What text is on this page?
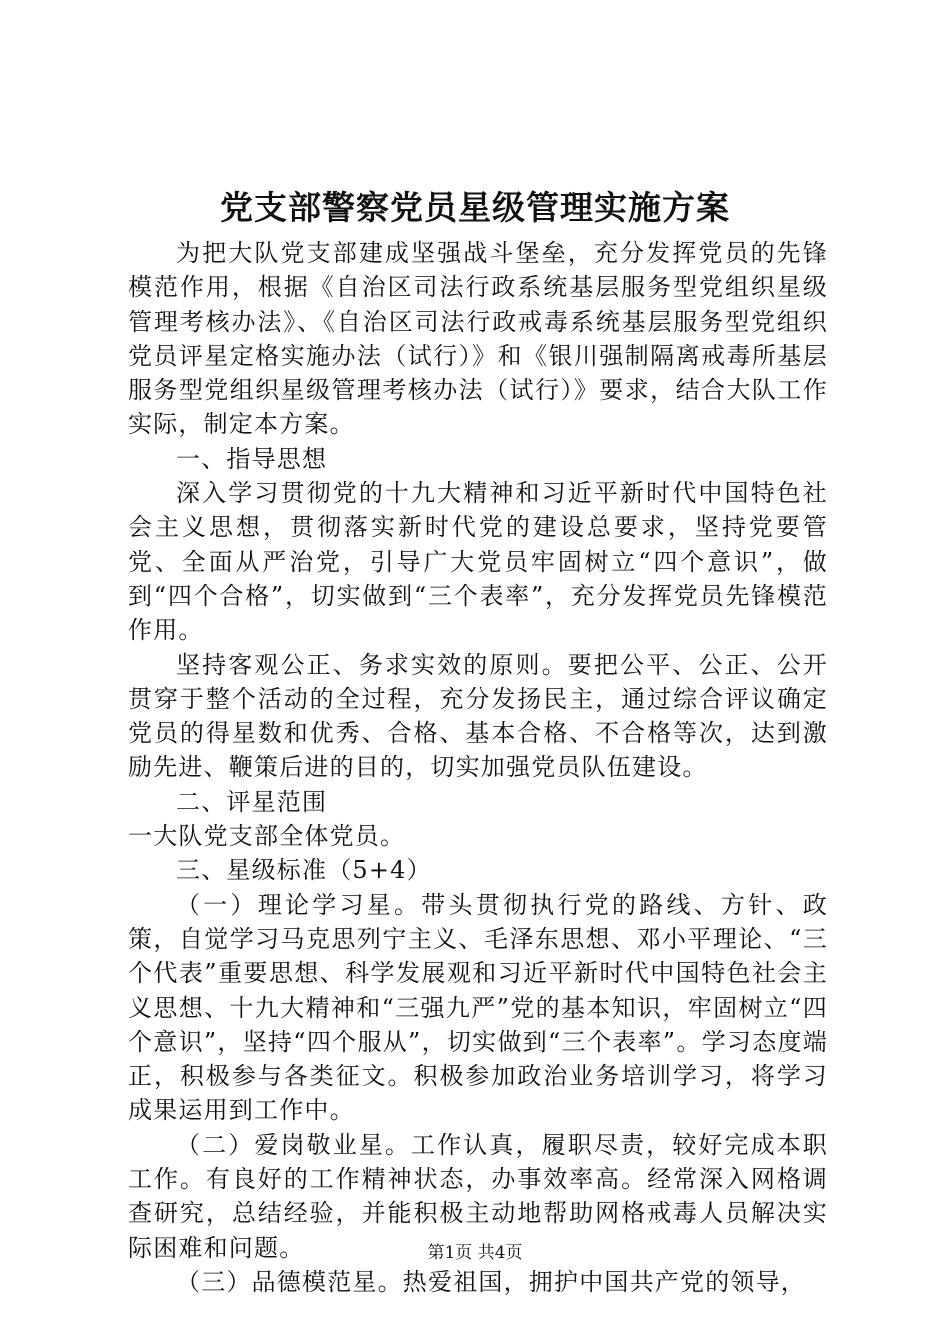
党支部警察党员星级管理实施方案

为把大队党支部建成坚强战斗堡垒，充分发挥党员的先锋模范作用，根据《自治区司法行政系统基层服务型党组织星级管理考核办法》、《自治区司法行政戒毒系统基层服务型党组织党员评星定格实施办法（试行）》和《银川强制隔离戒毒所基层服务型党组织星级管理考核办法（试行）》要求，结合大队工作实际，制定本方案。

一、指导思想

深入学习贯彻党的十九大精神和习近平新时代中国特色社会主义思想，贯彻落实新时代党的建设总要求，坚持党要管党、全面从严治党，引导广大党员牢固树立“四个意识”，做到“四个合格”，切实做到“三个表率”，充分发挥党员先锋模范作用。

坚持客观公正、务求实效的原则。要把公平、公正、公开贯穿于整个活动的全过程，充分发扬民主，通过综合评议确定党员的得星数和优秀、合格、基本合格、不合格等次，达到激励先进、鞭策后进的目的，切实加强党员队伍建设。

二、评星范围

一大队党支部全体党员。

三、星级标准（5+4）

（一）理论学习星。带头贯彻执行党的路线、方针、政策，自觉学习马克思列宁主义、毛泽东思想、邓小平理论、“三个代表”重要思想、科学发展观和习近平新时代中国特色社会主义思想、十九大精神和“三强九严”党的基本知识，牢固树立“四个意识”，坚持“四个服从”，切实做到“三个表率”。学习态度端正，积极参与各类征文。积极参加政治业务培训学习，将学习成果运用到工作中。

（二）爱岗敬业星。工作认真，履职尽责，较好完成本职工作。有良好的工作精神状态，办事效率高。经常深入网格调查研究，总结经验，并能积极主动地帮助网格戒毒人员解决实际困难和问题。

（三）品德模范星。热爱祖国，拥护中国共产党的领导，

第1页 共4页
